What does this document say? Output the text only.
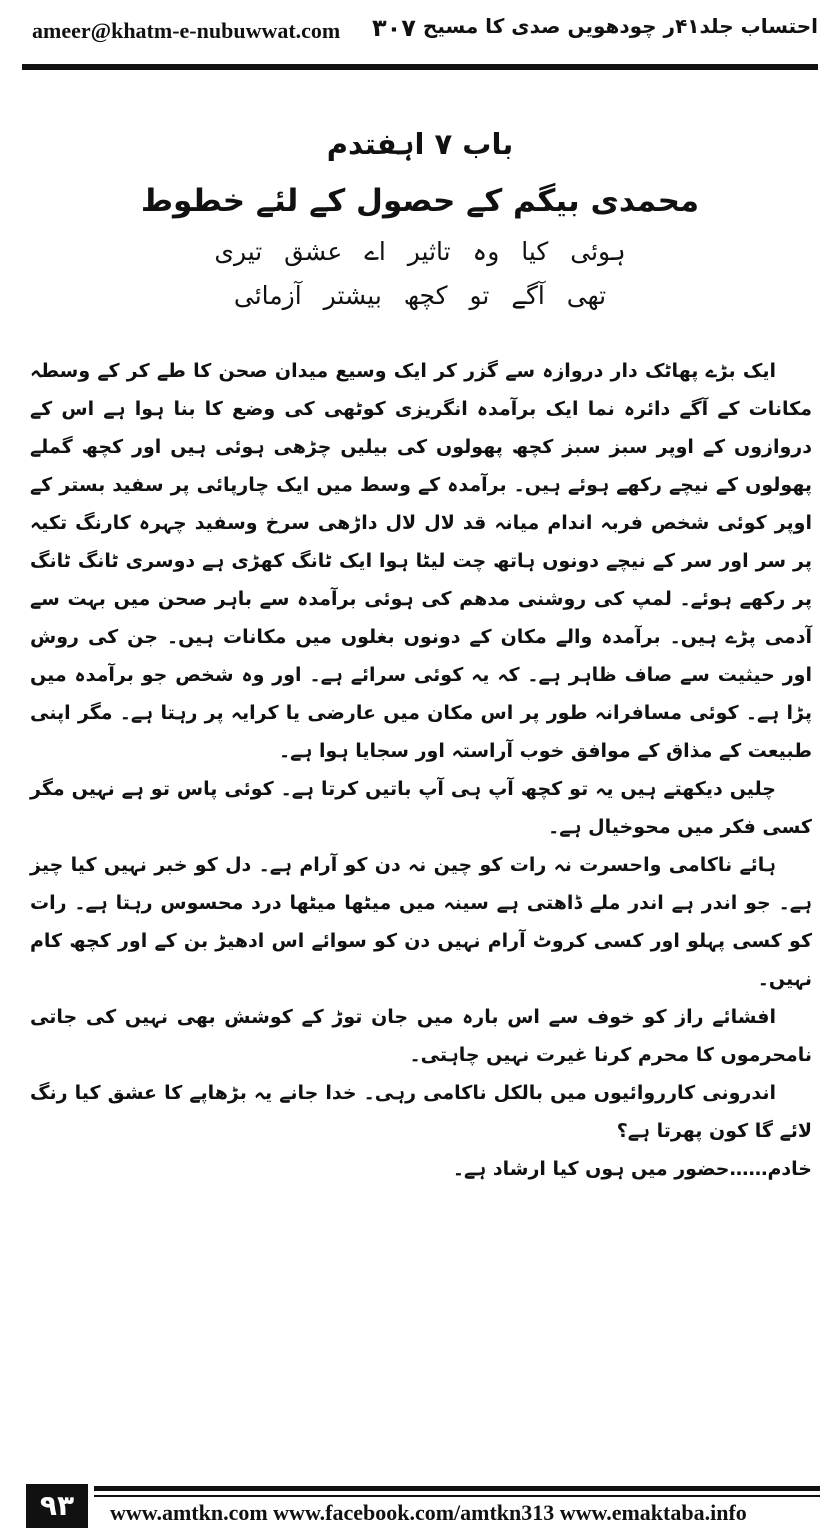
ameer@khatm-e-nubuwwat.com ۳۰۷ احتساب جلد۴۱ر چودھویں صدی کا مسیح
باب ۷ اہفتدم
محمدی بیگم کے حصول کے لئے خطوط
ہوئی کیا وہ تاثیر اے عشق تیری
تھی آگے تو کچھ بیشتر آزمائی

ایک بڑے پھاٹک دار دروازہ سے گزر کر ایک وسیع میدان صحن کا طے کر کے وسطہ مکانات کے آگے دائرہ نما ایک برآمدہ انگریزی کوٹھی کی وضع کا بنا ہوا ہے اس کے دروازوں کے اوپر سبز سبز کچھ پھولوں کی بیلیں چڑھی ہوئی ہیں اور کچھ گملے پھولوں کے نیچے رکھے ہوئے ہیں۔ برآمدہ کے وسط میں ایک چارپائی پر سفید بستر کے اوپر کوئی شخص فربہ اندام میانہ قد لال لال داڑھی سرخ وسفید چہرہ کارنگ تکیہ پر سر اور سر کے نیچے دونوں ہاتھ چت لیٹا ہوا ایک ٹانگ کھڑی ہے دوسری ٹانگ ٹانگ پر رکھے ہوئے۔ لمپ کی روشنی مدھم کی ہوئی برآمدہ سے باہر صحن میں بہت سے آدمی پڑے ہیں۔ برآمدہ والے مکان کے دونوں بغلوں میں مکانات ہیں۔ جن کی روش اور حیثیت سے صاف ظاہر ہے۔ کہ یہ کوئی سرائے ہے۔ اور وہ شخص جو برآمدہ میں پڑا ہے۔ کوئی مسافرانہ طور پر اس مکان میں عارضی یا کرایہ پر رہتا ہے۔ مگر اپنی طبیعت کے مذاق کے موافق خوب آراستہ اور سجایا ہوا ہے۔

چلیں دیکھتے ہیں یہ تو کچھ آپ ہی آپ باتیں کرتا ہے۔ کوئی پاس تو ہے نہیں مگر کسی فکر میں محوخیال ہے۔

ہائے ناکامی واحسرت نہ رات کو چین نہ دن کو آرام ہے۔ دل کو خبر نہیں کیا چیز ہے۔ جو اندر ہے اندر ملے ڈاھتی ہے سینہ میں میٹھا میٹھا درد محسوس رہتا ہے۔ رات کو کسی پہلو اور کسی کروٹ آرام نہیں دن کو سوائے اس ادھیڑ بن کے اور کچھ کام نہیں۔

افشائے راز کو خوف سے اس بارہ میں جان توڑ کے کوشش بھی نہیں کی جاتی نامحرموں کا محرم کرنا غیرت نہیں چاہتی۔

اندرونی کارروائیوں میں بالکل ناکامی رہی۔ خدا جانے یہ بڑھاپے کا عشق کیا رنگ لائے گا کون پھرتا ہے؟

خادم……حضور میں ہوں کیا ارشاد ہے۔

۹۳	www.amtkn.com www.facebook.com/amtkn313 www.emaktaba.info
